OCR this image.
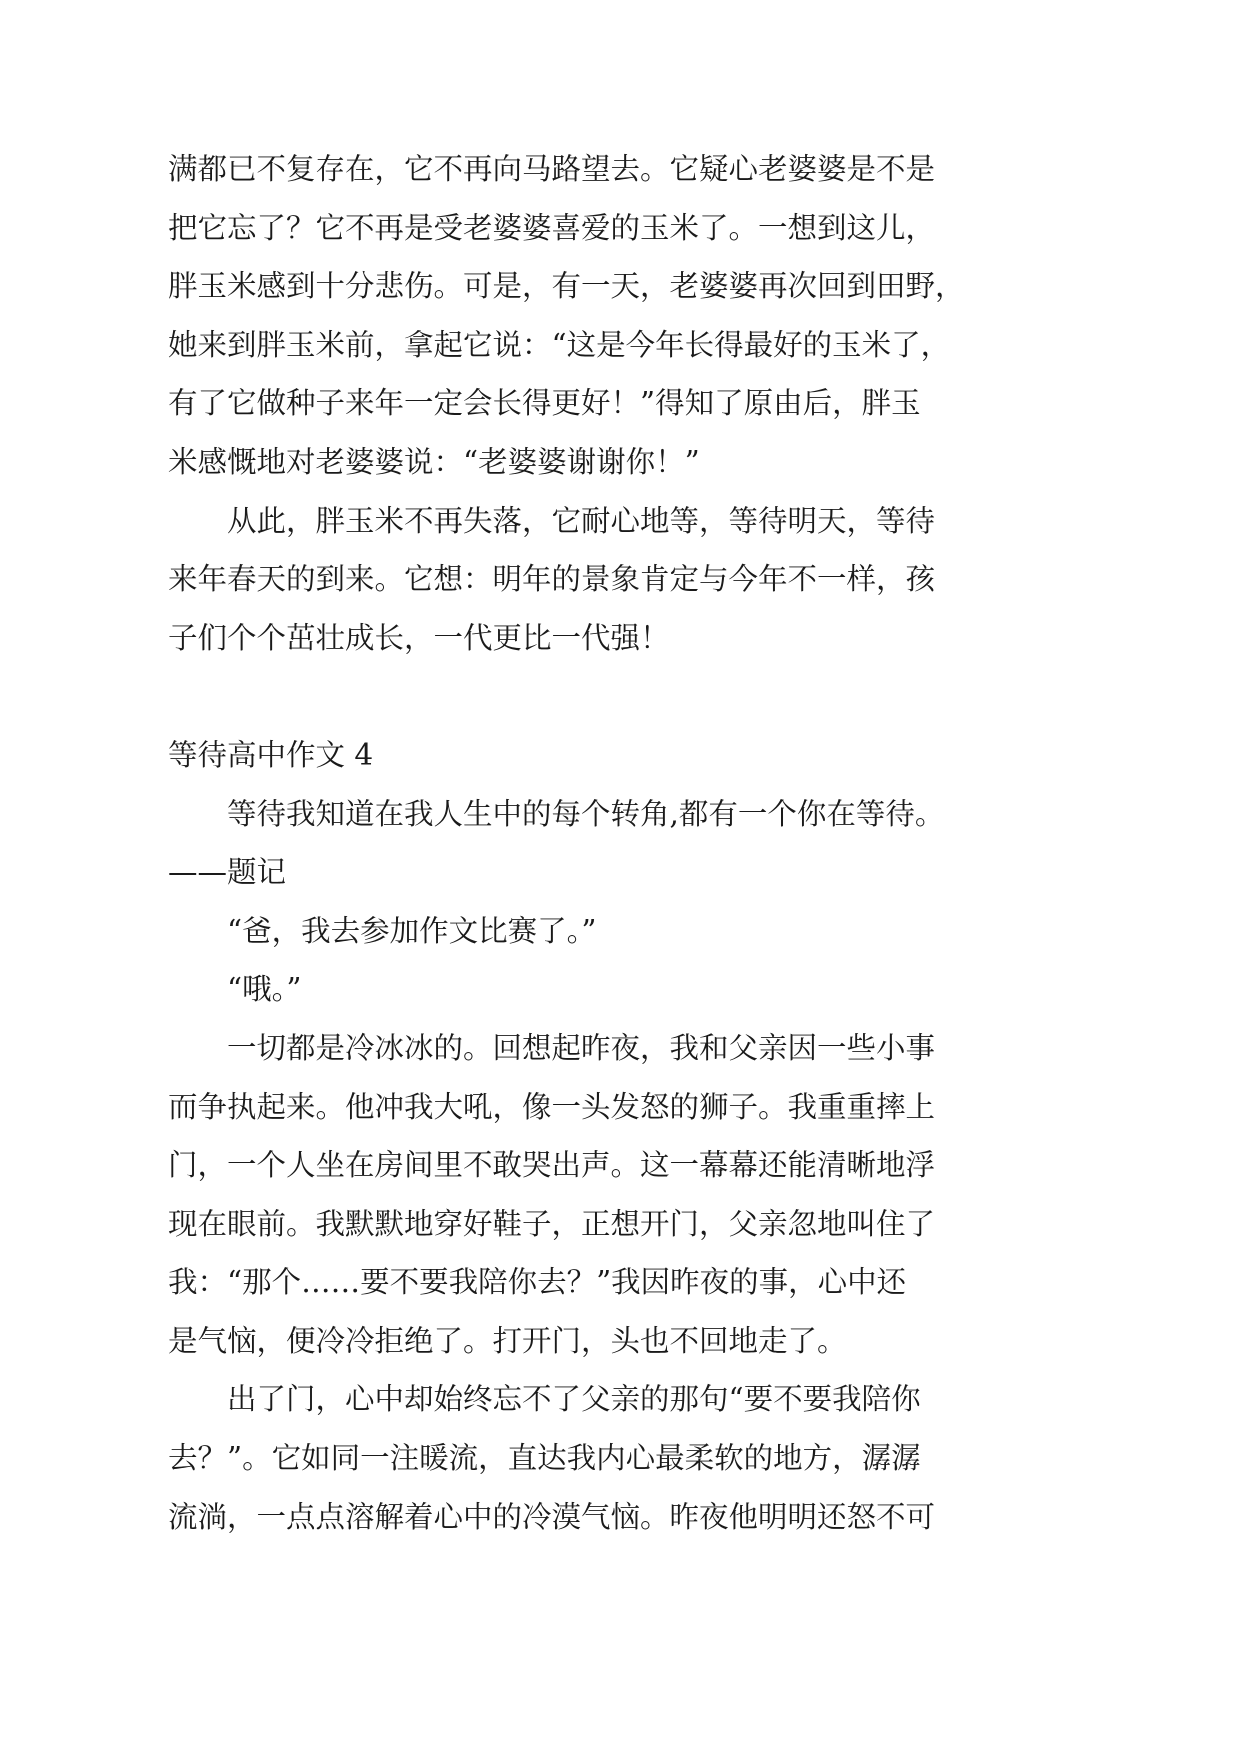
满都已不复存在，它不再向马路望去。它疑心老婆婆是不是
把它忘了？它不再是受老婆婆喜爱的玉米了。一想到这儿，
胖玉米感到十分悲伤。可是，有一天，老婆婆再次回到田野，
她来到胖玉米前，拿起它说：“这是今年长得最好的玉米了，
有了它做种子来年一定会长得更好！”得知了原由后，胖玉
米感慨地对老婆婆说：“老婆婆谢谢你！”
　　从此，胖玉米不再失落，它耐心地等，等待明天，等待
来年春天的到来。它想：明年的景象肯定与今年不一样，孩
子们个个茁壮成长，一代更比一代强！
等待高中作文 4
　　等待我知道在我人生中的每个转角,都有一个你在等待。
——题记
　　“爸，我去参加作文比赛了。”
　　“哦。”
　　一切都是冷冰冰的。回想起昨夜，我和父亲因一些小事
而争执起来。他冲我大吼，像一头发怒的狮子。我重重摔上
门，一个人坐在房间里不敢哭出声。这一幕幕还能清晰地浮
现在眼前。我默默地穿好鞋子，正想开门，父亲忽地叫住了
我：“那个……要不要我陪你去？”我因昨夜的事，心中还
是气恼，便冷冷拒绝了。打开门，头也不回地走了。
　　出了门，心中却始终忘不了父亲的那句“要不要我陪你
去？”。它如同一注暖流，直达我内心最柔软的地方，潺潺
流淌，一点点溶解着心中的冷漠气恼。昨夜他明明还怒不可
